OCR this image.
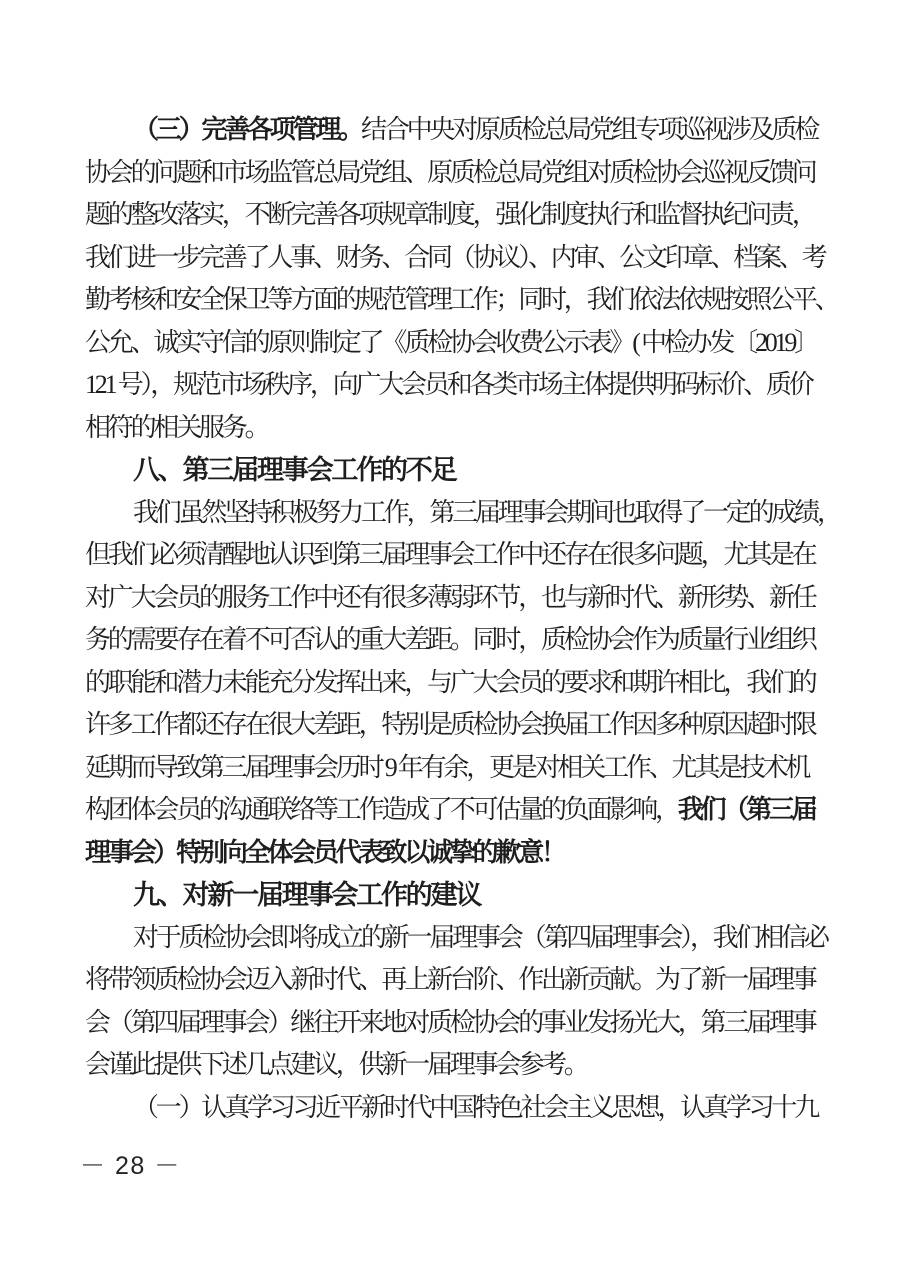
（三）完善各项管理。结合中央对原质检总局党组专项巡视涉及质检

协会的问题和市场监管总局党组、原质检总局党组对质检协会巡视反馈问

题的整改落实，不断完善各项规章制度，强化制度执行和监督执纪问责，

我们进一步完善了人事、财务、合同（协议）、内审、公文印章、档案、考

勤考核和安全保卫等方面的规范管理工作；同时，我们依法依规按照公平、

公允、诚实守信的原则制定了《质检协会收费公示表》( 中检办发〔2019〕

121 号），规范市场秩序，向广大会员和各类市场主体提供明码标价、质价

相符的相关服务。

八、第三届理事会工作的不足

我们虽然坚持积极努力工作，第三届理事会期间也取得了一定的成绩，

但我们必须清醒地认识到第三届理事会工作中还存在很多问题，尤其是在

对广大会员的服务工作中还有很多薄弱环节，也与新时代、新形势、新任

务的需要存在着不可否认的重大差距。同时，质检协会作为质量行业组织

的职能和潜力未能充分发挥出来，与广大会员的要求和期许相比，我们的

许多工作都还存在很大差距，特别是质检协会换届工作因多种原因超时限

延期而导致第三届理事会历时 9 年有余，更是对相关工作、尤其是技术机

构团体会员的沟通联络等工作造成了不可估量的负面影响，我们（第三届

理事会）特别向全体会员代表致以诚挚的歉意！

九、对新一届理事会工作的建议

对于质检协会即将成立的新一届理事会（第四届理事会），我们相信必

将带领质检协会迈入新时代、再上新台阶、作出新贡献。为了新一届理事

会（第四届理事会）继往开来地对质检协会的事业发扬光大，第三届理事

会谨此提供下述几点建议，供新一届理事会参考。

（一）认真学习习近平新时代中国特色社会主义思想，认真学习十九

－ 28 －
